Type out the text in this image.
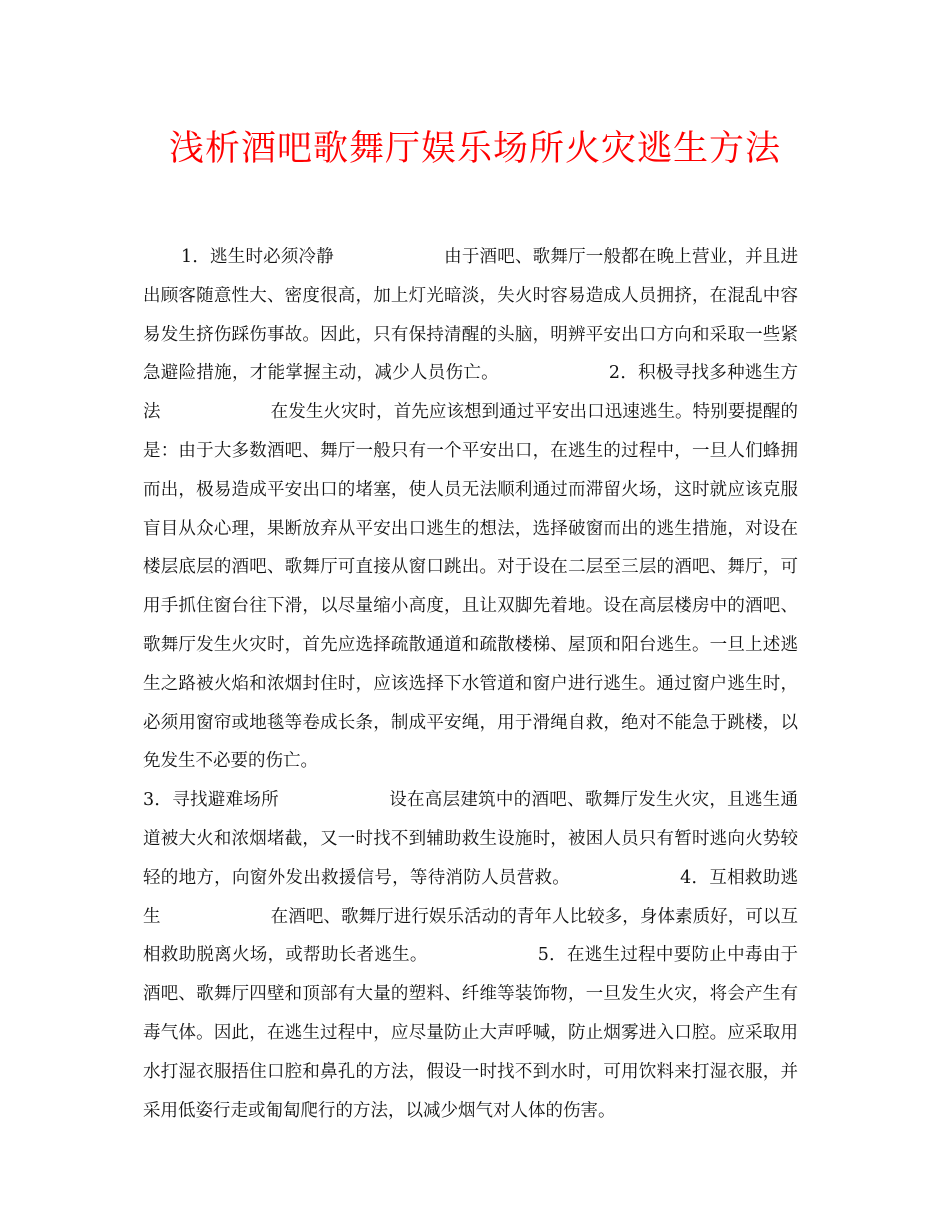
浅析酒吧歌舞厅娱乐场所火灾逃生方法

1．逃生时必须冷静	由于酒吧、歌舞厅一般都在晚上营业，并且进出顾客随意性大、密度很高，加上灯光暗淡，失火时容易造成人员拥挤，在混乱中容易发生挤伤踩伤事故。因此，只有保持清醒的头脑，明辨平安出口方向和采取一些紧急避险措施，才能掌握主动，减少人员伤亡。	2．积极寻找多种逃生方法	在发生火灾时，首先应该想到通过平安出口迅速逃生。特别要提醒的是：由于大多数酒吧、舞厅一般只有一个平安出口，在逃生的过程中，一旦人们蜂拥而出，极易造成平安出口的堵塞，使人员无法顺利通过而滞留火场，这时就应该克服盲目从众心理，果断放弃从平安出口逃生的想法，选择破窗而出的逃生措施，对设在楼层底层的酒吧、歌舞厅可直接从窗口跳出。对于设在二层至三层的酒吧、舞厅，可用手抓住窗台往下滑，以尽量缩小高度，且让双脚先着地。设在高层楼房中的酒吧、歌舞厅发生火灾时，首先应选择疏散通道和疏散楼梯、屋顶和阳台逃生。一旦上述逃生之路被火焰和浓烟封住时，应该选择下水管道和窗户进行逃生。通过窗户逃生时，必须用窗帘或地毯等卷成长条，制成平安绳，用于滑绳自救，绝对不能急于跳楼，以免发生不必要的伤亡。

3．寻找避难场所	设在高层建筑中的酒吧、歌舞厅发生火灾，且逃生通道被大火和浓烟堵截，又一时找不到辅助救生设施时，被困人员只有暂时逃向火势较轻的地方，向窗外发出救援信号，等待消防人员营救。	4．互相救助逃生	在酒吧、歌舞厅进行娱乐活动的青年人比较多，身体素质好，可以互相救助脱离火场，或帮助长者逃生。	5．在逃生过程中要防止中毒由于酒吧、歌舞厅四壁和顶部有大量的塑料、纤维等装饰物，一旦发生火灾，将会产生有毒气体。因此，在逃生过程中，应尽量防止大声呼喊，防止烟雾进入口腔。应采取用水打湿衣服捂住口腔和鼻孔的方法，假设一时找不到水时，可用饮料来打湿衣服，并采用低姿行走或匍匐爬行的方法，以减少烟气对人体的伤害。
